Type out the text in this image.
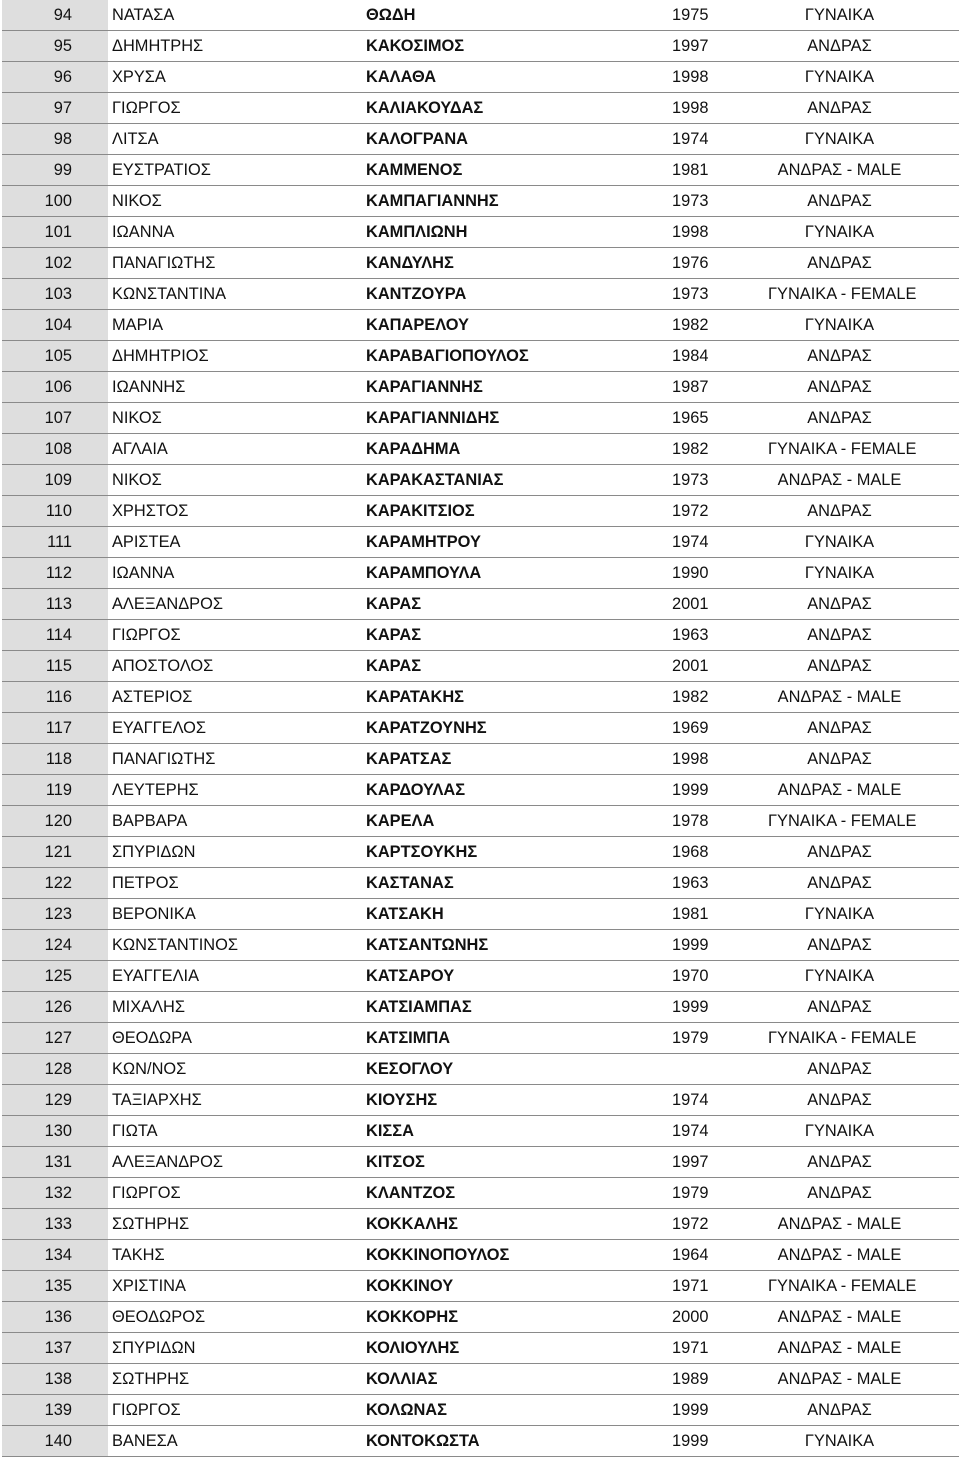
94	ΝΑΤΑΣΑ	ΘΩΔΗ	1975	ΓΥΝΑΙΚΑ
95	ΔΗΜΗΤΡΗΣ	ΚΑΚΟΣΙΜΟΣ	1997	ΑΝΔΡΑΣ
96	ΧΡΥΣΑ	ΚΑΛΑΘΑ	1998	ΓΥΝΑΙΚΑ
97	ΓΙΩΡΓΟΣ	ΚΑΛΙΑΚΟΥΔΑΣ	1998	ΑΝΔΡΑΣ
98	ΛΙΤΣΑ	ΚΑΛΟΓΡΑΝΑ	1974	ΓΥΝΑΙΚΑ
99	ΕΥΣΤΡΑΤΙΟΣ	ΚΑΜΜΕΝΟΣ	1981	ΑΝΔΡΑΣ - MALE
100	ΝΙΚΟΣ	ΚΑΜΠΑΓΙΑΝΝΗΣ	1973	ΑΝΔΡΑΣ
101	ΙΩΑΝΝΑ	ΚΑΜΠΛΙΩΝΗ	1998	ΓΥΝΑΙΚΑ
102	ΠΑΝΑΓΙΩΤΗΣ	ΚΑΝΔΥΛΗΣ	1976	ΑΝΔΡΑΣ
103	ΚΩΝΣΤΑΝΤΙΝΑ	ΚΑΝΤΖΟΥΡΑ	1973	ΓΥΝΑΙΚΑ - FEMALE
104	ΜΑΡΙΑ	ΚΑΠΑΡΕΛΟΥ	1982	ΓΥΝΑΙΚΑ
105	ΔΗΜΗΤΡΙΟΣ	ΚΑΡΑΒΑΓΙΟΠΟΥΛΟΣ	1984	ΑΝΔΡΑΣ
106	ΙΩΑΝΝΗΣ	ΚΑΡΑΓΙΑΝΝΗΣ	1987	ΑΝΔΡΑΣ
107	ΝΙΚΟΣ	ΚΑΡΑΓΙΑΝΝΙΔΗΣ	1965	ΑΝΔΡΑΣ
108	ΑΓΛΑΙΑ	ΚΑΡΑΔΗΜΑ	1982	ΓΥΝΑΙΚΑ - FEMALE
109	ΝΙΚΟΣ	ΚΑΡΑΚΑΣΤΑΝΙΑΣ	1973	ΑΝΔΡΑΣ - MALE
110	ΧΡΗΣΤΟΣ	ΚΑΡΑΚΙΤΣΙΟΣ	1972	ΑΝΔΡΑΣ
111	ΑΡΙΣΤΕΑ	ΚΑΡΑΜΗΤΡΟΥ	1974	ΓΥΝΑΙΚΑ
112	ΙΩΑΝΝΑ	ΚΑΡΑΜΠΟΥΛΑ	1990	ΓΥΝΑΙΚΑ
113	ΑΛΕΞΑΝΔΡΟΣ	ΚΑΡΑΣ	2001	ΑΝΔΡΑΣ
114	ΓΙΩΡΓΟΣ	ΚΑΡΑΣ	1963	ΑΝΔΡΑΣ
115	ΑΠΟΣΤΟΛΟΣ	ΚΑΡΑΣ	2001	ΑΝΔΡΑΣ
116	ΑΣΤΕΡΙΟΣ	ΚΑΡΑΤΑΚΗΣ	1982	ΑΝΔΡΑΣ - MALE
117	ΕΥΑΓΓΕΛΟΣ	ΚΑΡΑΤΖΟΥΝΗΣ	1969	ΑΝΔΡΑΣ
118	ΠΑΝΑΓΙΩΤΗΣ	ΚΑΡΑΤΣΑΣ	1998	ΑΝΔΡΑΣ
119	ΛΕΥΤΕΡΗΣ	ΚΑΡΔΟΥΛΑΣ	1999	ΑΝΔΡΑΣ - MALE
120	ΒΑΡΒΑΡΑ	ΚΑΡΕΛΑ	1978	ΓΥΝΑΙΚΑ - FEMALE
121	ΣΠΥΡΙΔΩΝ	ΚΑΡΤΣΟΥΚΗΣ	1968	ΑΝΔΡΑΣ
122	ΠΕΤΡΟΣ	ΚΑΣΤΑΝΑΣ	1963	ΑΝΔΡΑΣ
123	ΒΕΡΟΝΙΚΑ	ΚΑΤΣΑΚΗ	1981	ΓΥΝΑΙΚΑ
124	ΚΩΝΣΤΑΝΤΙΝΟΣ	ΚΑΤΣΑΝΤΩΝΗΣ	1999	ΑΝΔΡΑΣ
125	ΕΥΑΓΓΕΛΙΑ	ΚΑΤΣΑΡΟΥ	1970	ΓΥΝΑΙΚΑ
126	ΜΙΧΑΛΗΣ	ΚΑΤΣΙΑΜΠΑΣ	1999	ΑΝΔΡΑΣ
127	ΘΕΟΔΩΡΑ	ΚΑΤΣΙΜΠΑ	1979	ΓΥΝΑΙΚΑ - FEMALE
128	ΚΩΝ/ΝΟΣ	ΚΕΣΟΓΛΟΥ		ΑΝΔΡΑΣ
129	ΤΑΞΙΑΡΧΗΣ	ΚΙΟΥΣΗΣ	1974	ΑΝΔΡΑΣ
130	ΓΙΩΤΑ	ΚΙΣΣΑ	1974	ΓΥΝΑΙΚΑ
131	ΑΛΕΞΑΝΔΡΟΣ	ΚΙΤΣΟΣ	1997	ΑΝΔΡΑΣ
132	ΓΙΩΡΓΟΣ	ΚΛΑΝΤΖΟΣ	1979	ΑΝΔΡΑΣ
133	ΣΩΤΗΡΗΣ	ΚΟΚΚΑΛΗΣ	1972	ΑΝΔΡΑΣ - MALE
134	ΤΑΚΗΣ	ΚΟΚΚΙΝΟΠΟΥΛΟΣ	1964	ΑΝΔΡΑΣ - MALE
135	ΧΡΙΣΤΙΝΑ	ΚΟΚΚΙΝΟΥ	1971	ΓΥΝΑΙΚΑ - FEMALE
136	ΘΕΟΔΩΡΟΣ	ΚΟΚΚΟΡΗΣ	2000	ΑΝΔΡΑΣ - MALE
137	ΣΠΥΡΙΔΩΝ	ΚΟΛΙΟΥΛΗΣ	1971	ΑΝΔΡΑΣ - MALE
138	ΣΩΤΗΡΗΣ	ΚΟΛΛΙΑΣ	1989	ΑΝΔΡΑΣ - MALE
139	ΓΙΩΡΓΟΣ	ΚΟΛΩΝΑΣ	1999	ΑΝΔΡΑΣ
140	ΒΑΝΕΣΑ	ΚΟΝΤΟΚΩΣΤΑ	1999	ΓΥΝΑΙΚΑ
